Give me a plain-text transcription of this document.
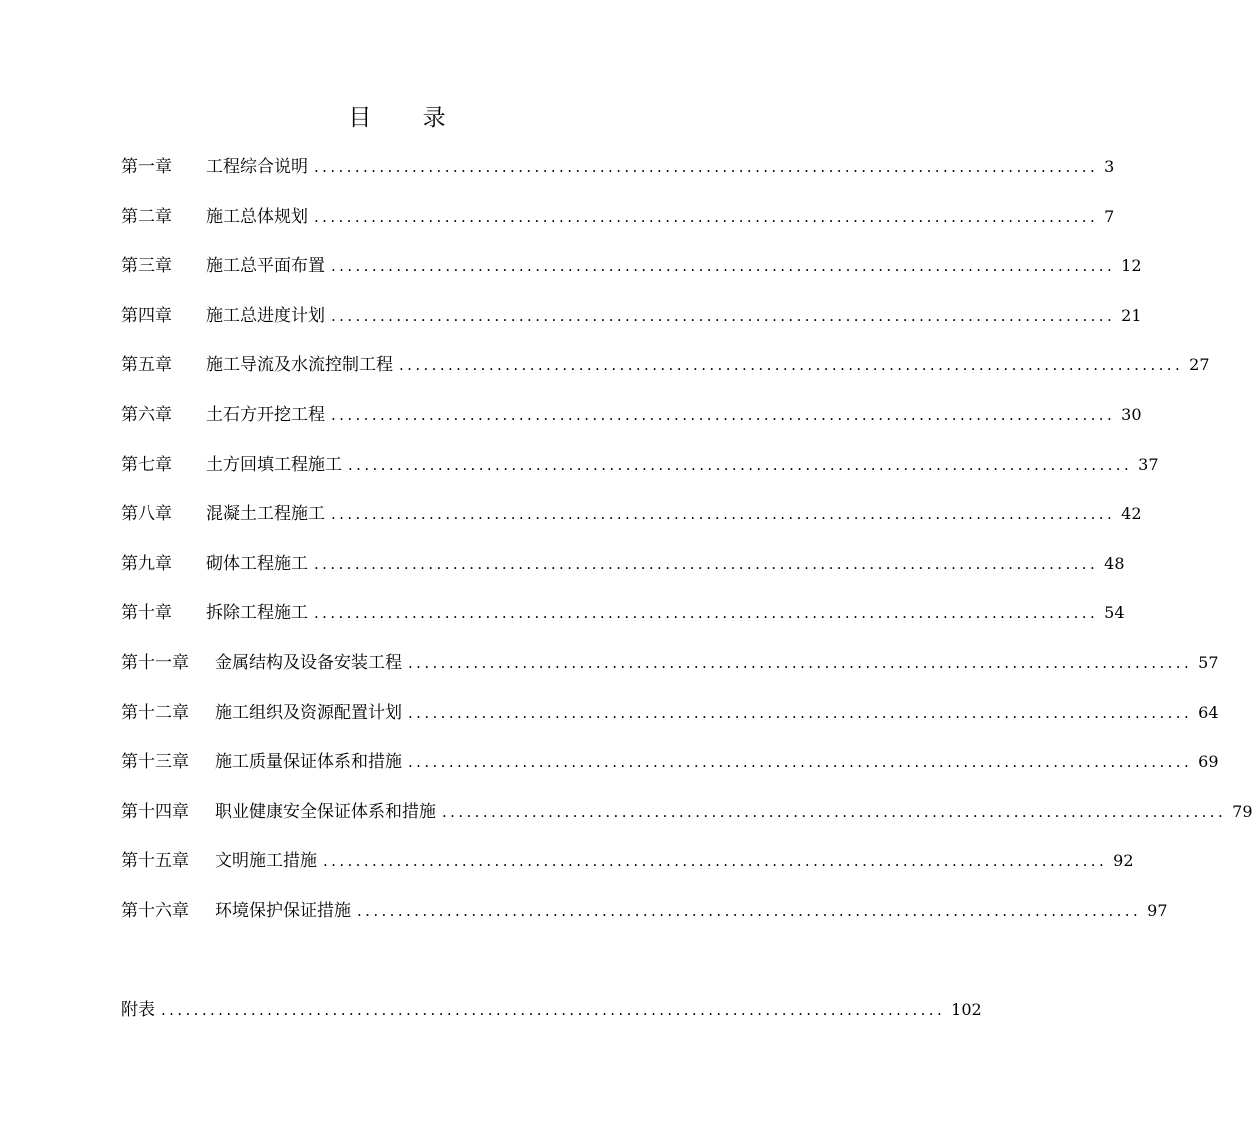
目 录
第一章	工程综合说明 ................................................................................................ 3
第二章	施工总体规划 ................................................................................................ 7
第三章	施工总平面布置 ................................................................................................ 12
第四章	施工总进度计划 ................................................................................................ 21
第五章	施工导流及水流控制工程 ................................................................................................ 27
第六章	土石方开挖工程 ................................................................................................ 30
第七章	土方回填工程施工 ................................................................................................ 37
第八章	混凝土工程施工 ................................................................................................ 42
第九章	砌体工程施工 ................................................................................................ 48
第十章	拆除工程施工 ................................................................................................ 54
第十一章	金属结构及设备安装工程 ................................................................................................ 57
第十二章	施工组织及资源配置计划 ................................................................................................ 64
第十三章	施工质量保证体系和措施 ................................................................................................ 69
第十四章	职业健康安全保证体系和措施 ................................................................................................ 79
第十五章	文明施工措施 ................................................................................................ 92
第十六章	环境保护保证措施 ................................................................................................ 97
附表 ................................................................................................ 102
